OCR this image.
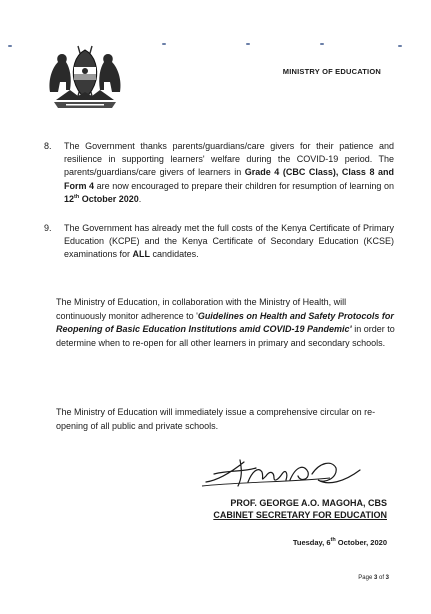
MINISTRY OF EDUCATION
8. The Government thanks parents/guardians/care givers for their patience and resilience in supporting learners' welfare during the COVID-19 period. The parents/guardians/care givers of learners in Grade 4 (CBC Class), Class 8 and Form 4 are now encouraged to prepare their children for resumption of learning on 12th October 2020.
9. The Government has already met the full costs of the Kenya Certificate of Primary Education (KCPE) and the Kenya Certificate of Secondary Education (KCSE) examinations for ALL candidates.
The Ministry of Education, in collaboration with the Ministry of Health, will continuously monitor adherence to 'Guidelines on Health and Safety Protocols for Reopening of Basic Education Institutions amid COVID-19 Pandemic' in order to determine when to re-open for all other learners in primary and secondary schools.
The Ministry of Education will immediately issue a comprehensive circular on re-opening of all public and private schools.
PROF. GEORGE A.O. MAGOHA, CBS
CABINET SECRETARY FOR EDUCATION
Tuesday, 6th October, 2020
Page 3 of 3
